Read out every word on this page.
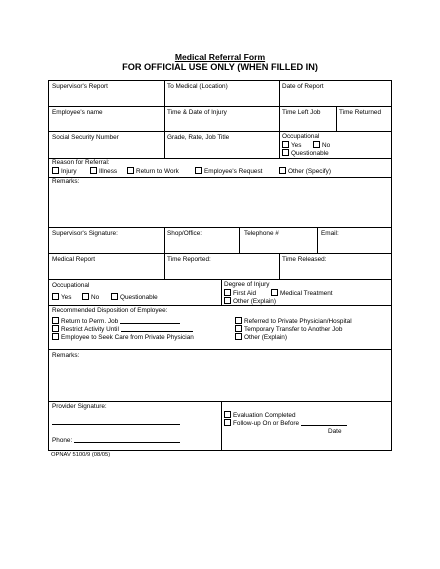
Medical Referral Form
FOR OFFICIAL USE ONLY (WHEN FILLED IN)
Supervisor's Report	To Medical (Location)	Date of Report
Employee's name	Time & Date of Injury	Time Left Job	Time Returned
Social Security Number	Grade, Rate, Job Title	Occupational
Yes	No
Questionable
Reason for Referral:
Injury	Illness	Return to Work	Employee's Request	Other (Specify)
Remarks:
Supervisor's Signature:	Shop/Office:	Telephone #	Email:
Medical Report	Time Reported:	Time Released:
Occupational
Yes	No	Questionable
Degree of Injury
First Aid	Medical Treatment
Other (Explain)
Recommended Disposition of Employee:
Return to Perm. Job
Restrict Activity Until
Employee to Seek Care from Private Physician
Referred to Private Physician/Hospital
Temporary Transfer to Another Job
Other (Explain)
Remarks:
Provider Signature:
Phone:
Evaluation Completed
Follow-up On or Before
Date
OPNAV 5100/9 (08/05)
